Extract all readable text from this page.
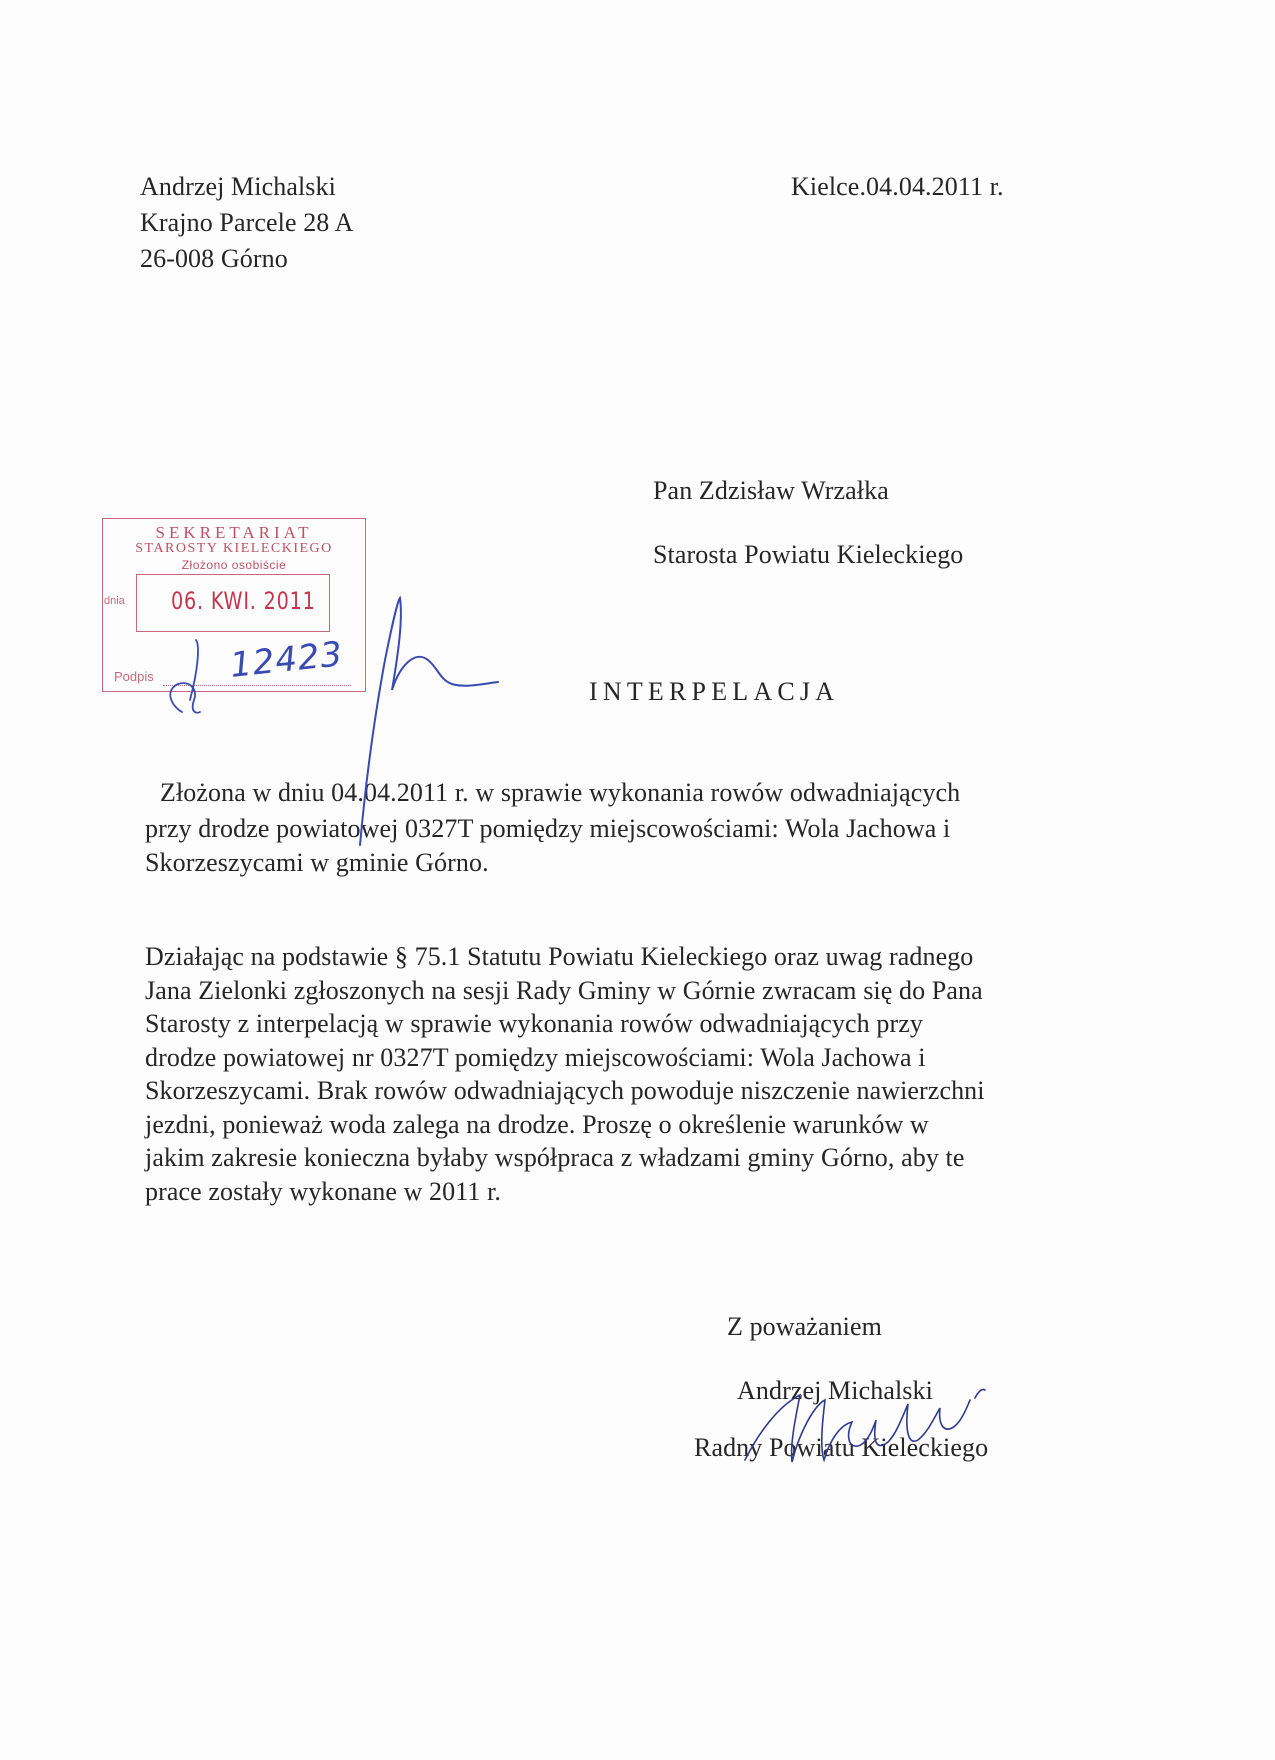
Andrzej Michalski
Krajno Parcele 28 A
26-008 Górno
Kielce.04.04.2011 r.
Pan Zdzisław Wrzałka
Starosta Powiatu Kieleckiego
SEKRETARIAT
STAROSTY KIELECKIEGO
Złożono osobiście
dnia 06. KWI. 2011
Podpis 12423
INTERPELACJA
Złożona w dniu 04.04.2011 r. w sprawie wykonania rowów odwadniających
przy drodze powiatowej 0327T pomiędzy miejscowościami: Wola Jachowa i
Skorzeszycami w gminie Górno.
Działając na podstawie § 75.1 Statutu Powiatu Kieleckiego oraz uwag radnego
Jana Zielonki zgłoszonych na sesji Rady Gminy w Górnie zwracam się do Pana
Starosty z interpelacją w sprawie wykonania rowów odwadniających przy
drodze powiatowej nr 0327T pomiędzy miejscowościami: Wola Jachowa i
Skorzeszycami. Brak rowów odwadniających powoduje niszczenie nawierzchni
jezdni, ponieważ woda zalega na drodze. Proszę o określenie warunków w
jakim zakresie konieczna byłaby współpraca z władzami gminy Górno, aby te
prace zostały wykonane w 2011 r.
Z poważaniem
Andrzej Michalski
Radny Powiatu Kieleckiego
